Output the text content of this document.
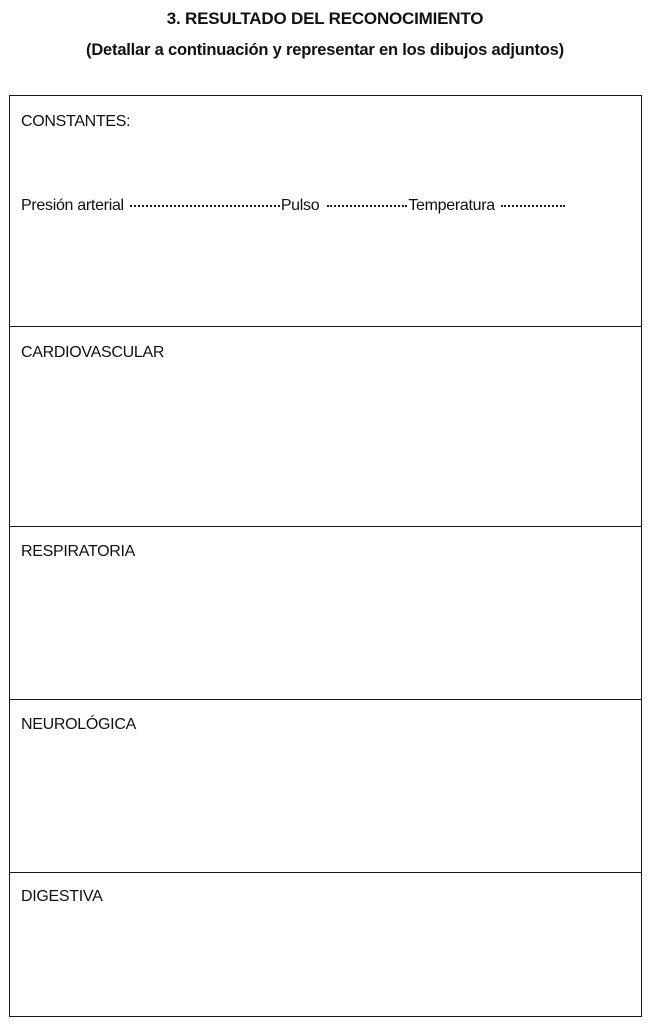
3. RESULTADO DEL RECONOCIMIENTO
(Detallar a continuación y representar en los dibujos adjuntos)
CONSTANTES:
Presión arterial	Pulso	Temperatura
CARDIOVASCULAR
RESPIRATORIA
NEUROLÓGICA
DIGESTIVA
